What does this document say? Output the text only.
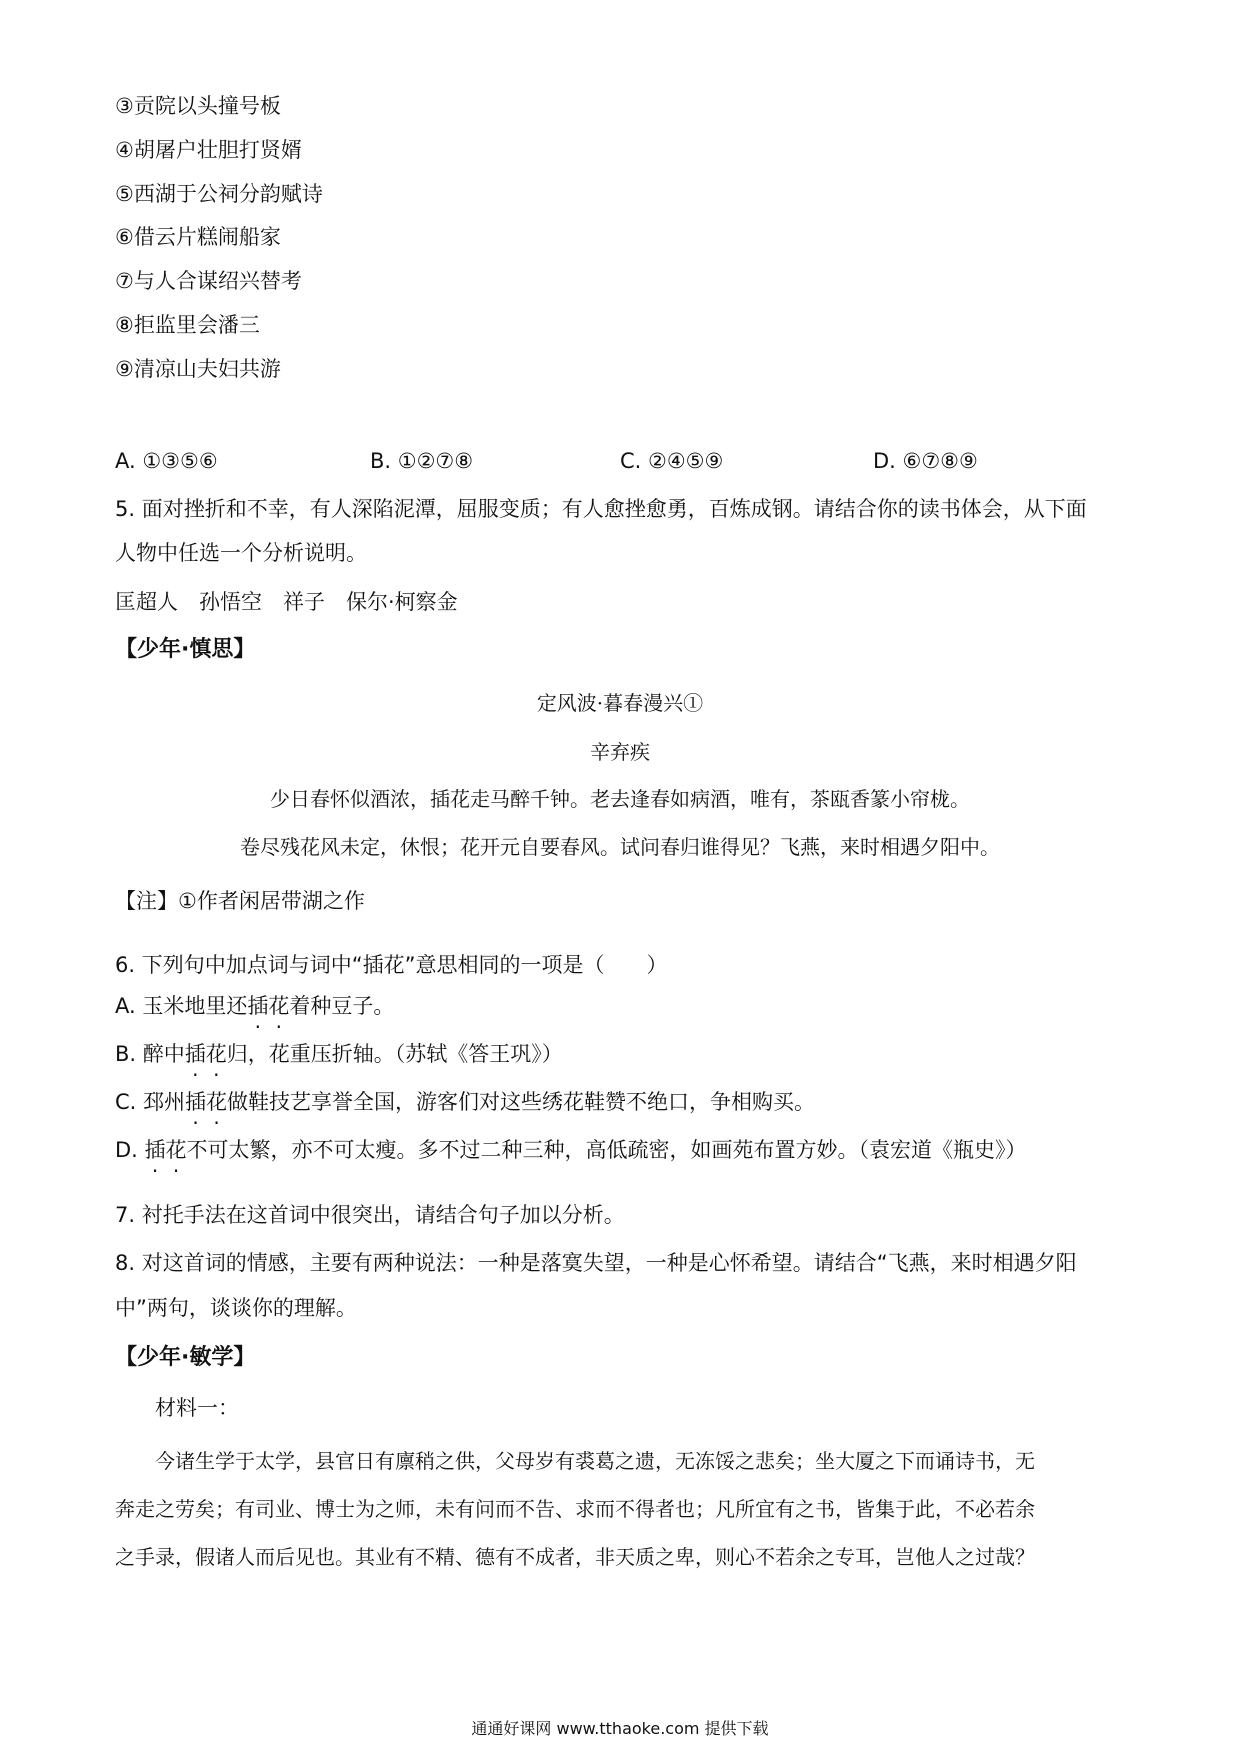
③贡院以头撞号板
④胡屠户壮胆打贤婿
⑤西湖于公祠分韵赋诗
⑥借云片糕闹船家
⑦与人合谋绍兴替考
⑧拒监里会潘三
⑨清凉山夫妇共游
A. ①③⑤⑥	B. ①②⑦⑧	C. ②④⑤⑨	D. ⑥⑦⑧⑨
5. 面对挫折和不幸，有人深陷泥潭，屈服变质；有人愈挫愈勇，百炼成钢。请结合你的读书体会，从下面
人物中任选一个分析说明。
匡超人　孙悟空　祥子　保尔·柯察金
【少年·慎思】
定风波·暮春漫兴①
辛弃疾
少日春怀似酒浓，插花走马醉千钟。老去逢春如病酒，唯有，茶瓯香篆小帘栊。
卷尽残花风未定，休恨；花开元自要春风。试问春归谁得见？飞燕，来时相遇夕阳中。
【注】①作者闲居带湖之作
6. 下列句中加点词与词中“插花”意思相同的一项是（　　）
A. 玉米地里还插花着种豆子。
B. 醉中插花归，花重压折轴。（苏轼《答王巩》）
C. 邳州插花做鞋技艺享誉全国，游客们对这些绣花鞋赞不绝口，争相购买。
D. 插花不可太繁，亦不可太瘦。多不过二种三种，高低疏密，如画苑布置方妙。（袁宏道《瓶史》）
7. 衬托手法在这首词中很突出，请结合句子加以分析。
8. 对这首词的情感，主要有两种说法：一种是落寞失望，一种是心怀希望。请结合“飞燕，来时相遇夕阳
中”两句，谈谈你的理解。
【少年·敏学】
材料一：
今诸生学于太学，县官日有廪稍之供，父母岁有裘葛之遗，无冻馁之悲矣；坐大厦之下而诵诗书，无
奔走之劳矣；有司业、博士为之师，未有问而不告、求而不得者也；凡所宜有之书，皆集于此，不必若余
之手录，假诸人而后见也。其业有不精、德有不成者，非天质之卑，则心不若余之专耳，岂他人之过哉？
通通好课网 www.tthaoke.com 提供下载
